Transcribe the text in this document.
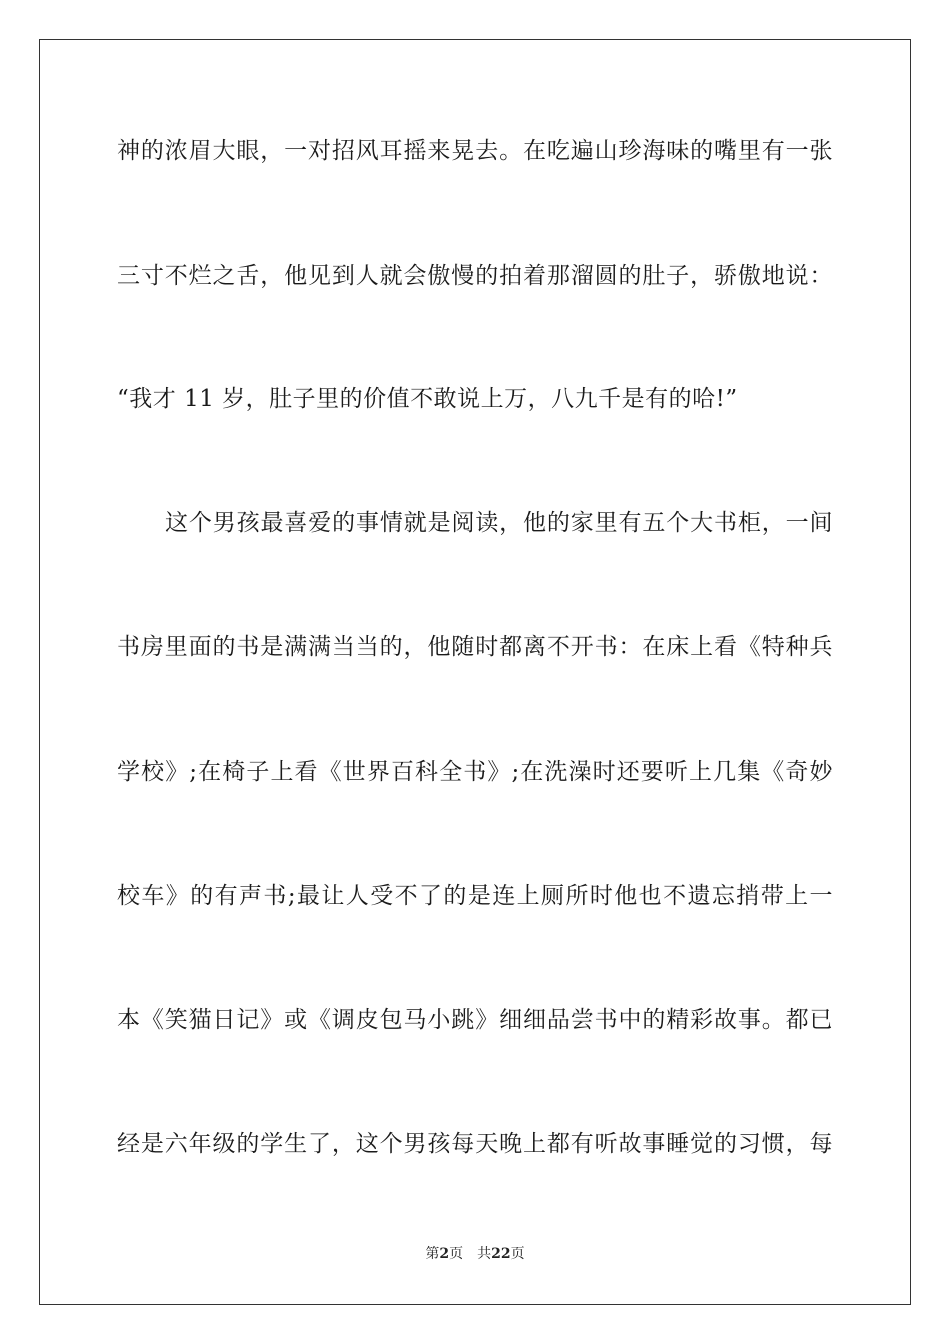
神的浓眉大眼，一对招风耳摇来晃去。在吃遍山珍海味的嘴里有一张
三寸不烂之舌，他见到人就会傲慢的拍着那溜圆的肚子，骄傲地说：
“我才 11 岁，肚子里的价值不敢说上万，八九千是有的哈!”
这个男孩最喜爱的事情就是阅读，他的家里有五个大书柜，一间
书房里面的书是满满当当的，他随时都离不开书：在床上看《特种兵
学校》;在椅子上看《世界百科全书》;在洗澡时还要听上几集《奇妙
校车》的有声书;最让人受不了的是连上厕所时他也不遗忘捎带上一
本《笑猫日记》或《调皮包马小跳》细细品尝书中的精彩故事。都已
经是六年级的学生了，这个男孩每天晚上都有听故事睡觉的习惯，每
第2页 共22页
